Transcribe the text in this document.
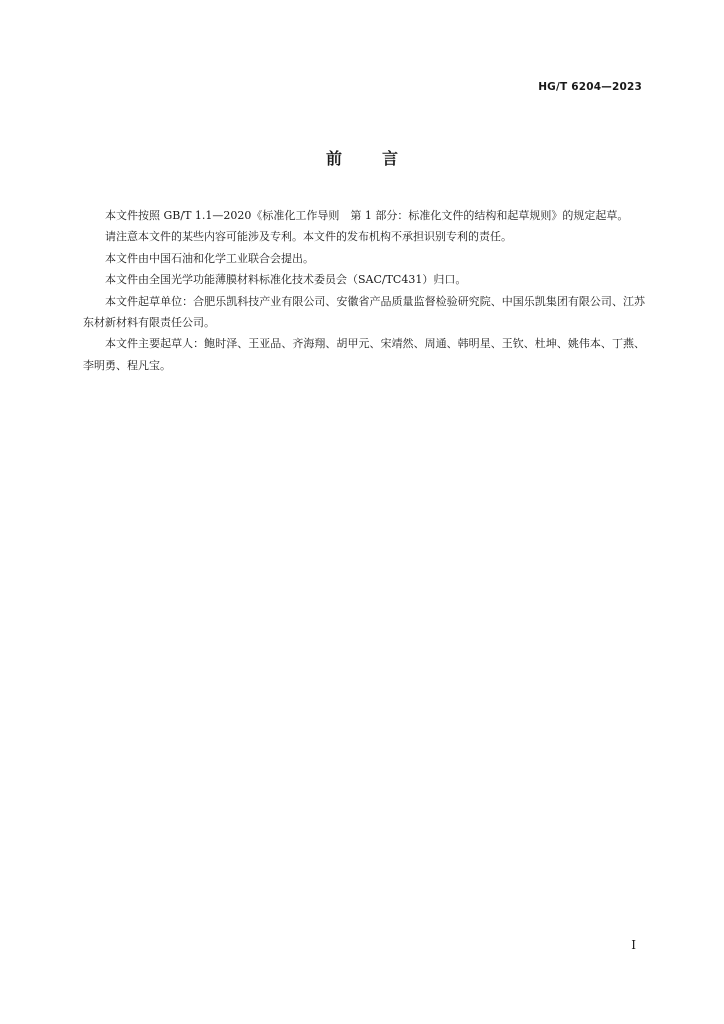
HG/T 6204—2023
前言

本文件按照 GB/T 1.1—2020《标准化工作导则　第 1 部分：标准化文件的结构和起草规则》的规定起草。

请注意本文件的某些内容可能涉及专利。本文件的发布机构不承担识别专利的责任。

本文件由中国石油和化学工业联合会提出。

本文件由全国光学功能薄膜材料标准化技术委员会（SAC/TC431）归口。

本文件起草单位：合肥乐凯科技产业有限公司、安徽省产品质量监督检验研究院、中国乐凯集团有限公司、江苏东材新材料有限责任公司。

本文件主要起草人：鲍时泽、王亚品、齐海翔、胡甲元、宋靖然、周通、韩明星、王钦、杜坤、姚伟本、丁燕、李明勇、程凡宝。

I
